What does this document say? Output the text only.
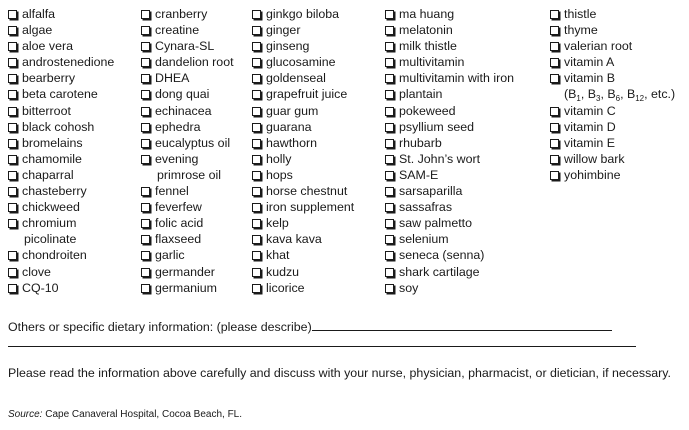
alfalfa
algae
aloe vera
androstenedione
bearberry
beta carotene
bitterroot
black cohosh
bromelains
chamomile
chaparral
chasteberry
chickweed
chromium
picolinate
chondroiten
clove
CQ-10
cranberry
creatine
Cynara-SL
dandelion root
DHEA
dong quai
echinacea
ephedra
eucalyptus oil
evening
primrose oil
fennel
feverfew
folic acid
flaxseed
garlic
germander
germanium
ginkgo biloba
ginger
ginseng
glucosamine
goldenseal
grapefruit juice
guar gum
guarana
hawthorn
holly
hops
horse chestnut
iron supplement
kelp
kava kava
khat
kudzu
licorice
ma huang
melatonin
milk thistle
multivitamin
multivitamin with iron
plantain
pokeweed
psyllium seed
rhubarb
St. John’s wort
SAM-E
sarsaparilla
sassafras
saw palmetto
selenium
seneca (senna)
shark cartilage
soy
thistle
thyme
valerian root
vitamin A
vitamin B
($B_1$, $B_3$, $B_6$, $B_{12}$, etc.)
vitamin C
vitamin D
vitamin E
willow bark
yohimbine
Others or specific dietary information: (please describe)
Please read the information above carefully and discuss with your nurse, physician, pharmacist, or dietician, if necessary.
Source: Cape Canaveral Hospital, Cocoa Beach, FL.
